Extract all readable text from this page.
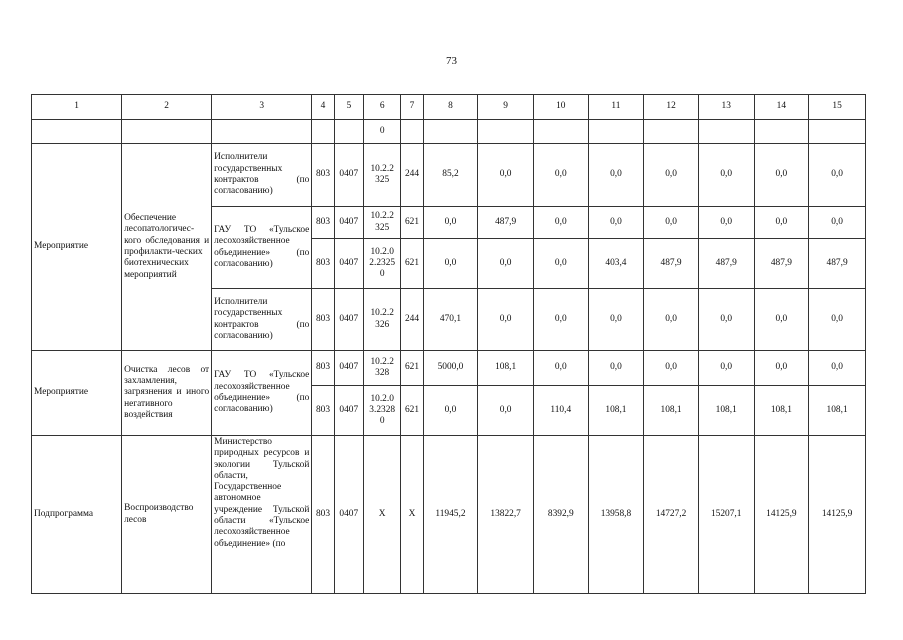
73
1	2	3	4	5	6	7	8	9	10	11	12	13	14	15
					0									
Мероприятие	Обеспечение лесопатологичес-кого обследования и профилакти-ческих биотехнических мероприятий	Исполнители государственных контрактов (по согласованию)	803	0407	10.2.2 325	244	85,2	0,0	0,0	0,0	0,0	0,0	0,0	0,0
		ГАУ ТО «Тульское лесохозяйственное объединение» (по согласованию)	803	0407	10.2.2 325	621	0,0	487,9	0,0	0,0	0,0	0,0	0,0	0,0
			803	0407	10.2.0 2.2325 0	621	0,0	0,0	0,0	403,4	487,9	487,9	487,9	487,9
		Исполнители государственных контрактов (по согласованию)	803	0407	10.2.2 326	244	470,1	0,0	0,0	0,0	0,0	0,0	0,0	0,0
Мероприятие	Очистка лесов от захламления, загрязнения и иного негативного воздействия	ГАУ ТО «Тульское лесохозяйственное объединение» (по согласованию)	803	0407	10.2.2 328	621	5000,0	108,1	0,0	0,0	0,0	0,0	0,0	0,0
			803	0407	10.2.0 3.2328 0	621	0,0	0,0	110,4	108,1	108,1	108,1	108,1	108,1
Подпрограмма	Воспроизводство лесов	Министерство природных ресурсов и экологии Тульской области, Государственное автономное учреждение Тульской области «Тульское лесохозяйственное объединение» (по	803	0407	Х	Х	11945,2	13822,7	8392,9	13958,8	14727,2	15207,1	14125,9	14125,9
